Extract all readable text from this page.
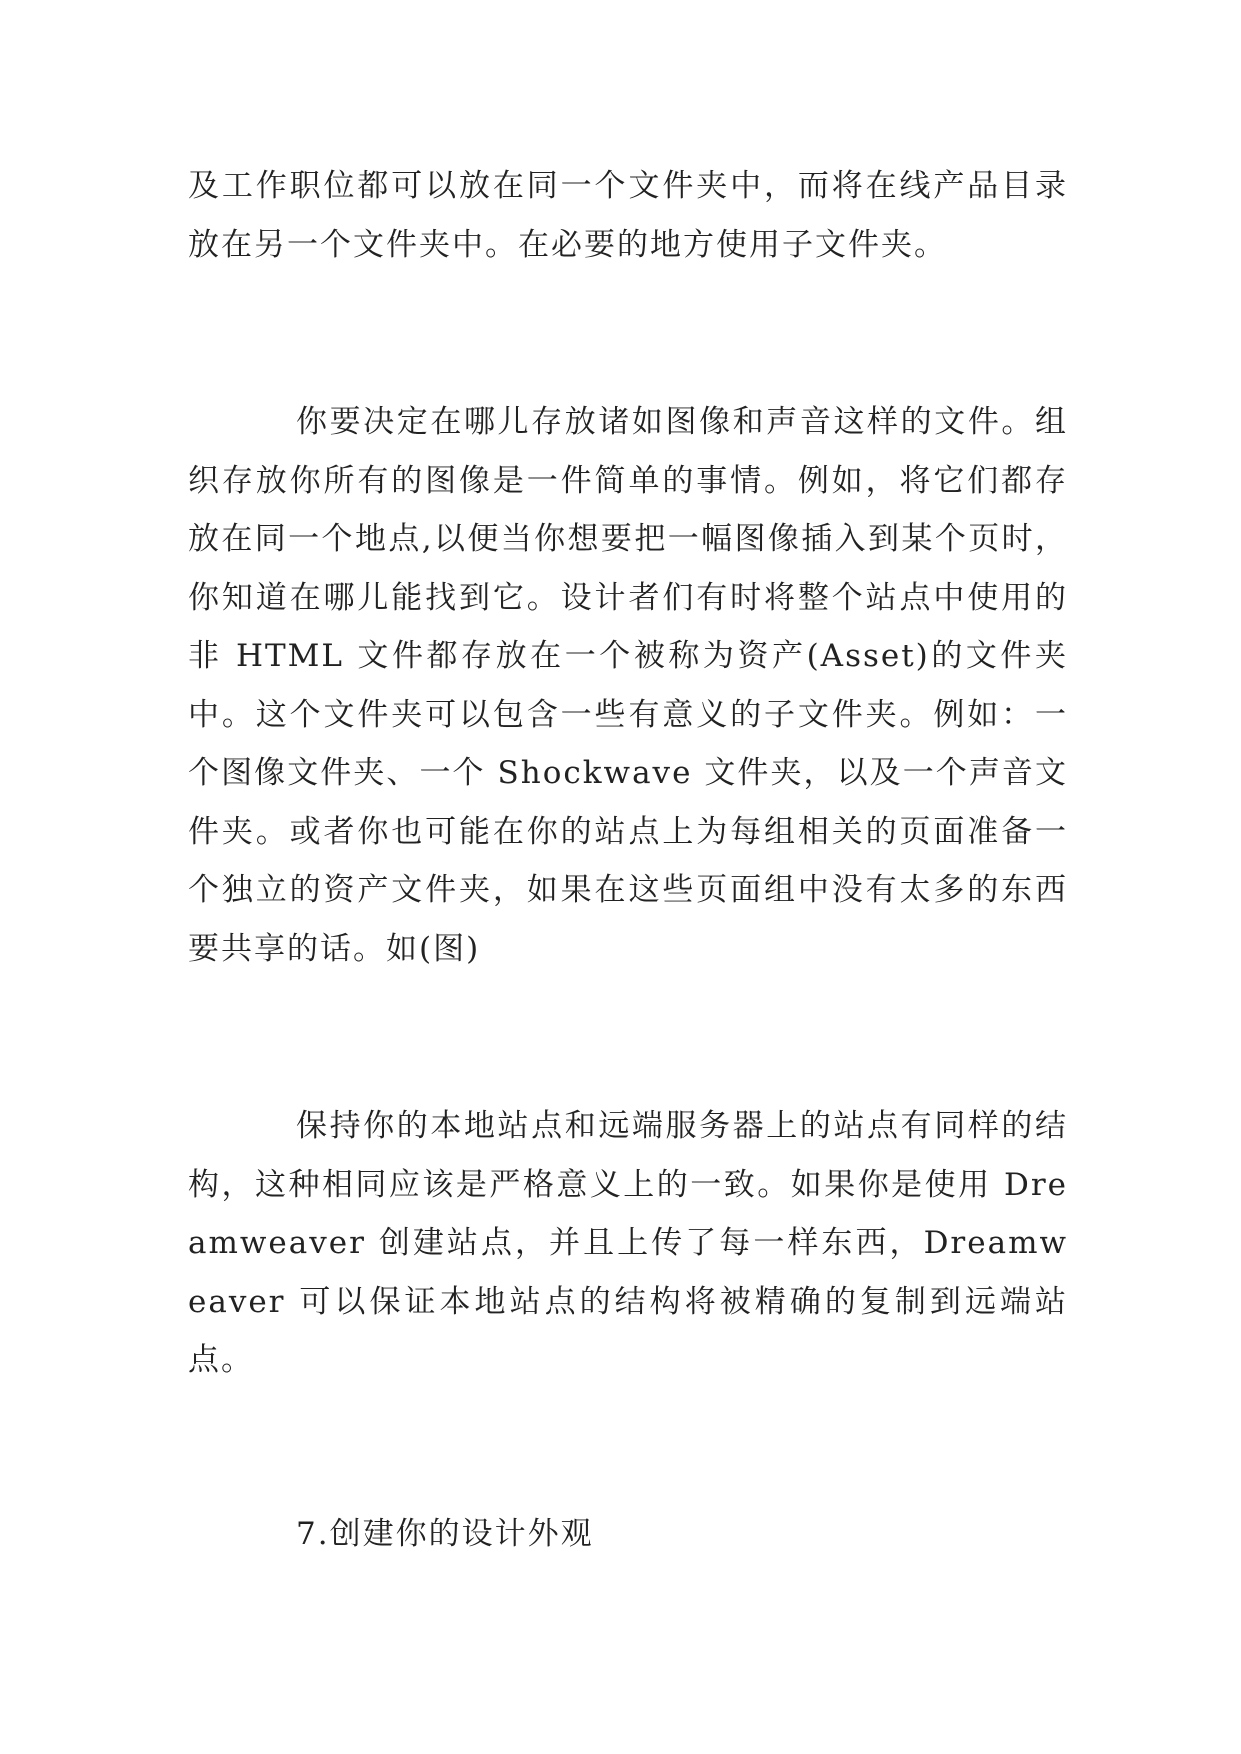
及工作职位都可以放在同一个文件夹中，而将在线产品目录放在另一个文件夹中。在必要的地方使用子文件夹。

你要决定在哪儿存放诸如图像和声音这样的文件。组织存放你所有的图像是一件简单的事情。例如，将它们都存放在同一个地点,以便当你想要把一幅图像插入到某个页时，你知道在哪儿能找到它。设计者们有时将整个站点中使用的非 HTML 文件都存放在一个被称为资产(Asset)的文件夹中。这个文件夹可以包含一些有意义的子文件夹。例如：一个图像文件夹、一个 Shockwave 文件夹，以及一个声音文件夹。或者你也可能在你的站点上为每组相关的页面准备一个独立的资产文件夹，如果在这些页面组中没有太多的东西要共享的话。如(图)

保持你的本地站点和远端服务器上的站点有同样的结构，这种相同应该是严格意义上的一致。如果你是使用 Dreamweaver 创建站点，并且上传了每一样东西，Dreamweaver 可以保证本地站点的结构将被精确的复制到远端站点。

7.创建你的设计外观
